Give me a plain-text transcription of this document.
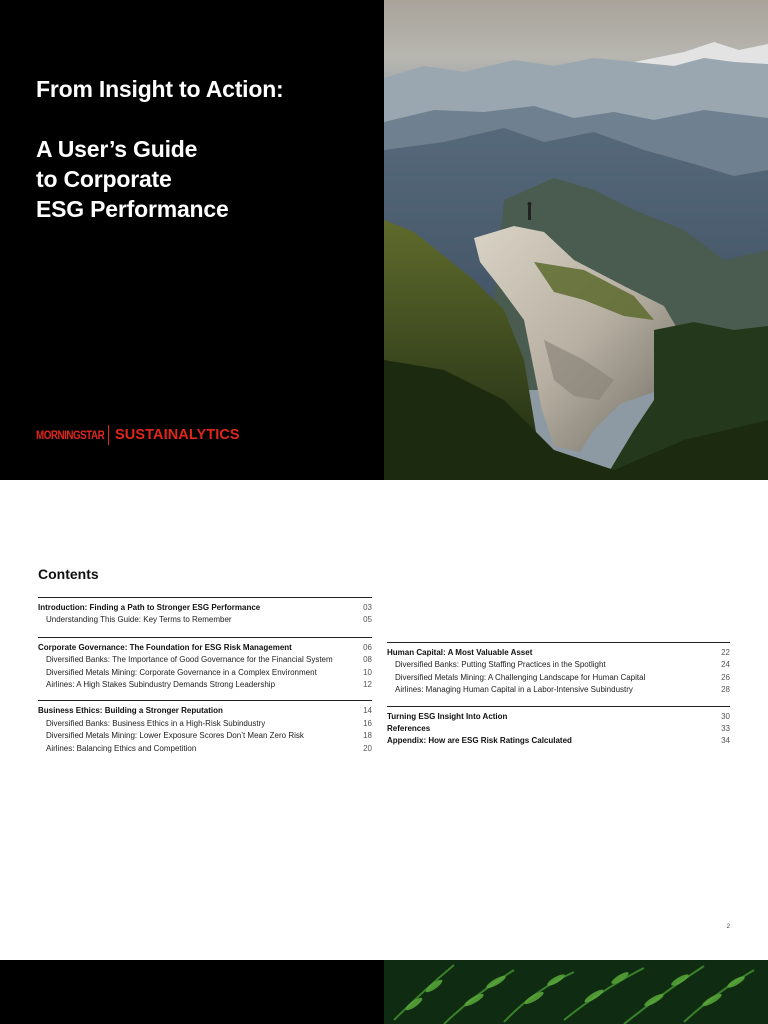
From Insight to Action:
A User’s Guide
to Corporate
ESG Performance
MORNINGSTAR SUSTAINALYTICS
Contents
Introduction: Finding a Path to Stronger ESG Performance	03
Understanding This Guide: Key Terms to Remember	05
Corporate Governance: The Foundation for ESG Risk Management	06
Diversified Banks: The Importance of Good Governance for the Financial System	08
Diversified Metals Mining: Corporate Governance in a Complex Environment	10
Airlines: A High Stakes Subindustry Demands Strong Leadership	12
Business Ethics: Building a Stronger Reputation	14
Diversified Banks: Business Ethics in a High-Risk Subindustry	16
Diversified Metals Mining: Lower Exposure Scores Don’t Mean Zero Risk	18
Airlines: Balancing Ethics and Competition	20
Human Capital: A Most Valuable Asset	22
Diversified Banks: Putting Staffing Practices in the Spotlight	24
Diversified Metals Mining: A Challenging Landscape for Human Capital	26
Airlines: Managing Human Capital in a Labor-Intensive Subindustry	28
Turning ESG Insight Into Action	30
References	33
Appendix: How are ESG Risk Ratings Calculated	34
2
